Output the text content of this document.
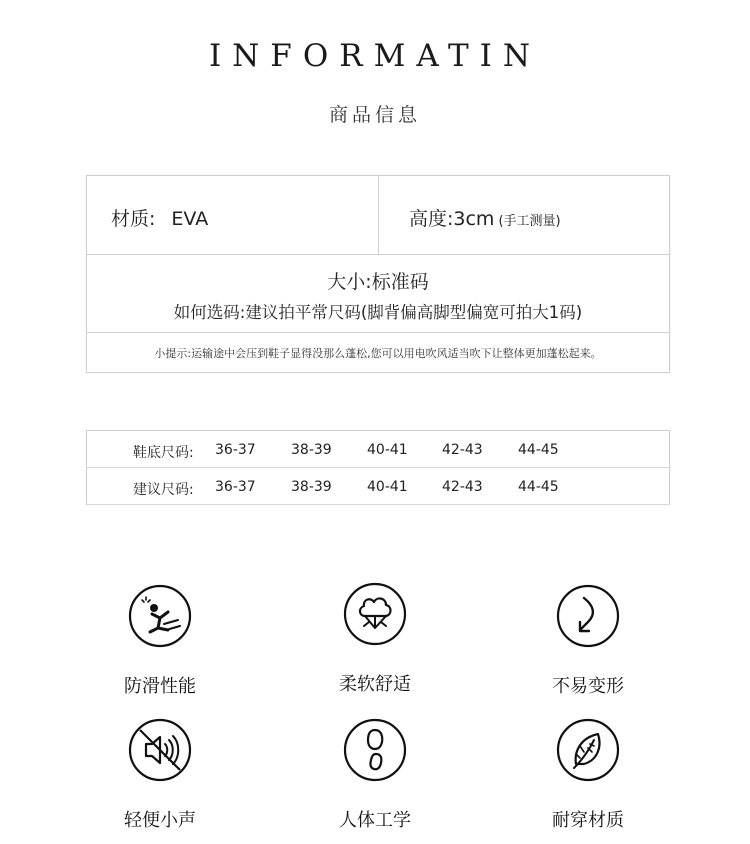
INFORMATIN
商品信息
材质: EVA	高度:3cm (手工测量)
大小:标准码
如何选码:建议拍平常尺码(脚背偏高脚型偏宽可拍大1码)
小提示:运输途中会压到鞋子显得没那么蓬松,您可以用电吹风适当吹下让整体更加蓬松起来。
鞋底尺码: 36-37	38-39	40-41 42-43	44-45
建议尺码: 36-37	38-39	40-41 42-43	44-45
防滑性能	柔软舒适	不易变形
轻便小声	人体工学	耐穿材质
